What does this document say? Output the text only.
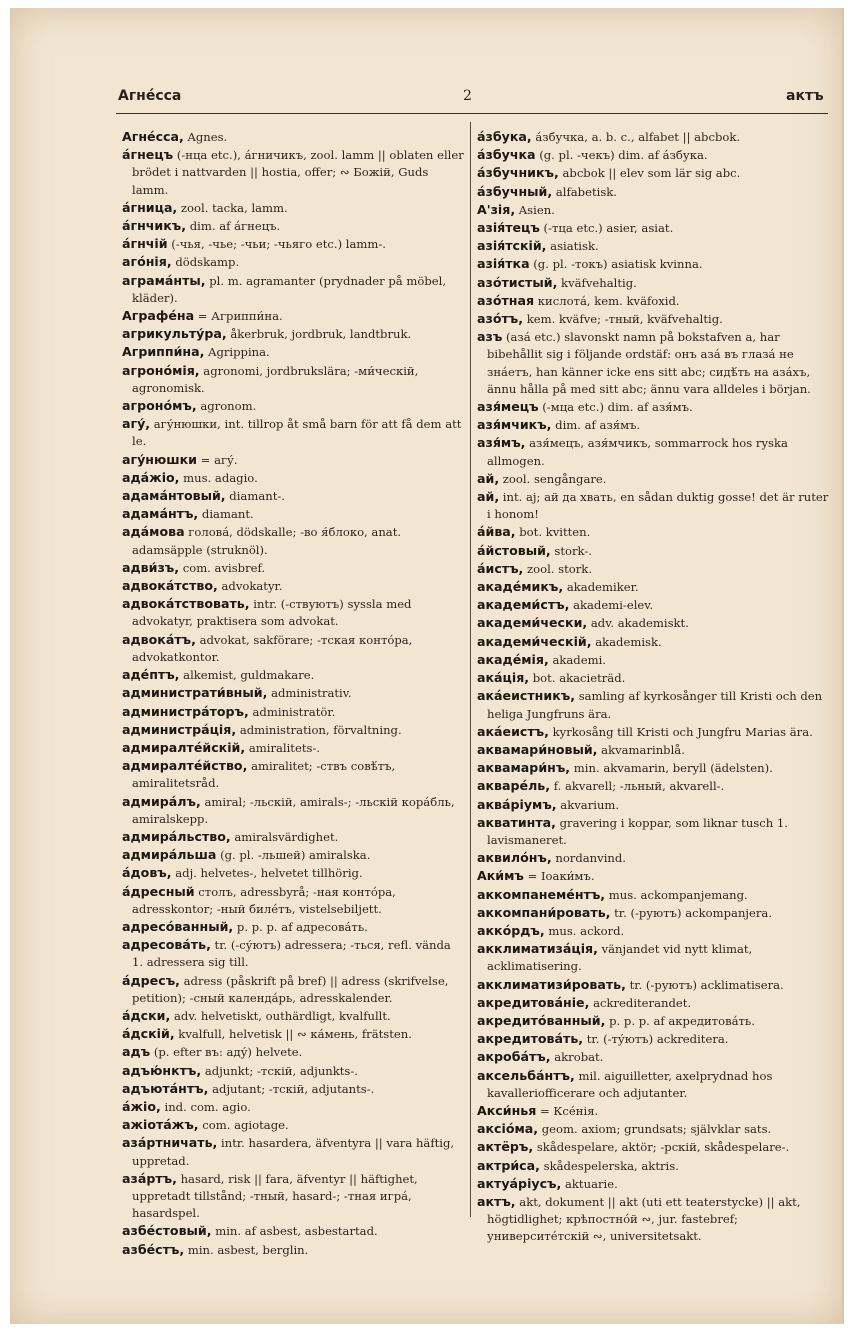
Агнéсса	2	актъ

Агнéсса, Agnes.

áгнецъ (-нца etc.), áгничикъ, zool. lamm || oblaten eller brödet i nattvarden || hostia, offer; ∾ Божій, Guds lamm.

áгница, zool. tacka, lamm.

áгнчикъ, dim. af áгнецъ.

áгнчій (-чья, -чье; -чьи; -чьяго etc.) lamm-.

агóнія, dödskamp.

аграмáнты, pl. m. agramanter (prydnader på möbel, kläder).

Аграфéна = Агриппи́на.

агрикульту́ра, åkerbruk, jordbruk, landtbruk.

Агриппи́на, Agrippina.

агронóмія, agronomi, jordbrukslära; -ми́ческій, agronomisk.

агронóмъ, agronom.

агу́, агу́нюшки, int. tillrop åt små barn för att få dem att le.

агу́нюшки = агу́.

адáжіо, mus. adagio.

адамáнтовый, diamant-.

адамáнтъ, diamant.

адáмова головá, dödskalle; -во я́блоко, anat. adamsäpple (struknöl).

адви́зъ, com. avisbref.

адвокáтство, advokatyr.

адвокáтствовать, intr. (-ствуютъ) syssla med advokatyr, praktisera som advokat.

адвокáтъ, advokat, sakförare; -тская контóра, advokatkontor.

адéптъ, alkemist, guldmakare.

администрати́вный, administrativ.

администрáторъ, administratör.

администрáція, administration, förvaltning.

адмиралтéйскій, amiralitets-.

адмиралтéйство, amiralitet; -ствъ совѣ́тъ, amiralitetsråd.

адмирáлъ, amiral; -льскій, amirals-; -льскій корáбль, amiralskepp.

адмирáльство, amiralsvärdighet.

адмирáльша (g. pl. -льшей) amiralska.

áдовъ, adj. helvetes-, helvetet tillhörig.

áдресный столъ, adressbyrå; -ная контóра, adresskontor; -ный билéтъ, vistelsebiljett.

адресóванный, p. p. p. af адресовáть.

адресовáть, tr. (-су́ютъ) adressera; -ться, refl. vända 1. adressera sig till.

áдресъ, adress (påskrift på bref) || adress (skrifvelse, petition); -сный календáрь, adresskalender.

áдски, adv. helvetiskt, outhärdligt, kvalfullt.

áдскій, kvalfull, helvetisk || ∾ кáмень, frätsten.

адъ (p. efter въ: аду́) helvete.

адъю́нктъ, adjunkt; -тскій, adjunkts-.

адъютáнтъ, adjutant; -тскій, adjutants-.

áжіо, ind. com. agio.

ажіотáжъ, com. agiotage.

азáртничать, intr. hasardera, äfventyra || vara häftig, uppretad.

азáртъ, hasard, risk || fara, äfventyr || häftighet, uppretadt tillstånd; -тный, hasard-; -тная игрá, hasardspel.

азбéстовый, min. af asbest, asbestartad.

азбéстъ, min. asbest, berglin.

áзбука, áзбучка, a. b. c., alfabet || abcbok.

áзбучка (g. pl. -чекъ) dim. af áзбука.

áзбучникъ, abcbok || elev som lär sig abc.

áзбучный, alfabetisk.

А'зія, Asien.

азія́тецъ (-тца etc.) asier, asiat.

азія́тскій, asiatisk.

азія́тка (g. pl. -токъ) asiatisk kvinna.

азóтистый, kväfvehaltig.

азóтная кислотá, kem. kväfoxid.

азóтъ, kem. kväfve; -тный, kväfvehaltig.

азъ (азá etc.) slavonskt namn på bokstafven a, har bibehållit sig i följande ordstäf: онъ азá въ глазá не знáетъ, han känner icke ens sitt abc; сидѣ́ть на азáхъ, ännu hålla på med sitt abc; ännu vara alldeles i början.

азя́мецъ (-мца etc.) dim. af азя́мъ.

азя́мчикъ, dim. af азя́мъ.

азя́мъ, азя́мецъ, азя́мчикъ, sommarrock hos ryska allmogen.

ай, zool. sengångare.

ай, int. aj; ай да хвать, en sådan duktig gosse! det är ruter i honom!

áйва, bot. kvitten.

áйстовый, stork-.

áистъ, zool. stork.

акадéмикъ, akademiker.

академи́стъ, akademi-elev.

академи́чески, adv. akademiskt.

академи́ческій, akademisk.

акадéмія, akademi.

акáція, bot. akacieträd.

акáеистникъ, samling af kyrkosånger till Kristi och den heliga Jungfruns ära.

акáеистъ, kyrkosång till Kristi och Jungfru Marias ära.

аквамари́новый, akvamarinblå.

аквамари́нъ, min. akvamarin, beryll (ädelsten).

акварéль, f. akvarell; -льный, akvarell-.

аквáріумъ, akvarium.

акватинта, gravering i koppar, som liknar tusch 1. lavismaneret.

аквилóнъ, nordanvind.

Аки́мъ = Іоаки́мъ.

аккомпанемéнтъ, mus. ackompanjemang.

аккомпани́ровать, tr. (-руютъ) ackompanjera.

аккóрдъ, mus. ackord.

акклиматизáція, vänjandet vid nytt klimat, acklimatisering.

акклиматизи́ровать, tr. (-руютъ) acklimatisera.

акредитовáніе, ackrediterandet.

акредитóванный, p. p. p. af акредитовáть.

акредитовáть, tr. (-ту́ютъ) ackreditera.

акробáтъ, akrobat.

аксельбáнтъ, mil. aiguilletter, axelprydnad hos kavalleriofficerare och adjutanter.

Акси́нья = Ксéнія.

аксіóма, geom. axiom; grundsats; självklar sats.

актёръ, skådespelare, aktör; -рскій, skådespelare-.

актри́са, skådespelerska, aktris.

актуáріусъ, aktuarie.

актъ, akt, dokument || akt (uti ett teaterstycke) || akt, högtidlighet; крѣпостнóй ∾, jur. fastebref; университéтскій ∾, universitetsakt.
